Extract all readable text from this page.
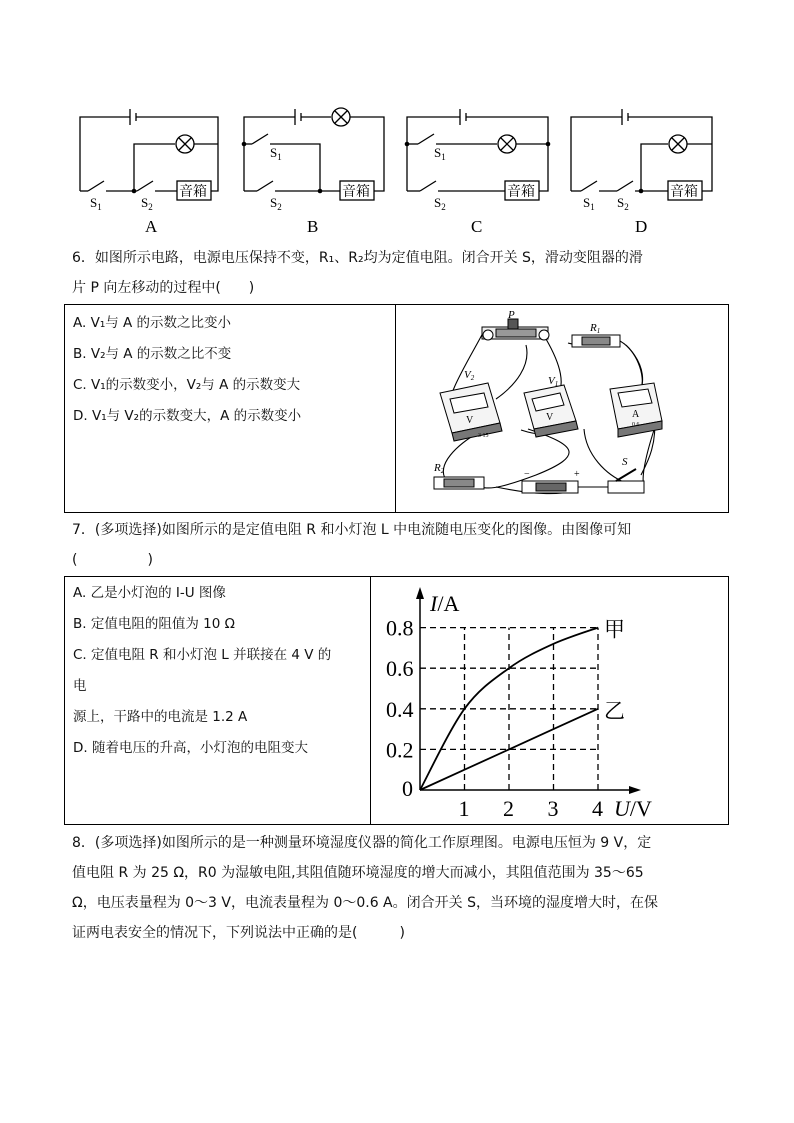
音箱	音箱	音箱	音箱
$S_1$	$S_2$
$S_1$
$S_2$
$S_1$
$S_2$	$S_1$ $S_2$
A	B	C	D
6．如图所示电路，电源电压保持不变，R₁、R₂均为定值电阻。闭合开关 S，滑动变阻器的滑
片 P 向左移动的过程中(　　)
A. V₁与 A 的示数之比变小
B. V₂与 A 的示数之比不变
C. V₁的示数变小，V₂与 A 的示数变大
D. V₁与 V₂的示数变大，A 的示数变小
P
R1
V2
V
3 15
V1
V	A
0.6
R2	−	+
S
7．(多项选择)如图所示的是定值电阻 R 和小灯泡 L 中电流随电压变化的图像。由图像可知
(　　　　　)
A. 乙是小灯泡的 I-U 图像
B. 定值电阻的阻值为 10 Ω
C. 定值电阻 R 和小灯泡 L 并联接在 4 V 的
电
源上，干路中的电流是 1.2 A
D. 随着电压的升高，小灯泡的电阻变大
0
1 2 3 4
0.2
0.4
0.6
0.8
I/A
U/V
甲
乙
8．(多项选择)如图所示的是一种测量环境湿度仪器的简化工作原理图。电源电压恒为 9 V，定
值电阻 R 为 25 Ω，R0 为湿敏电阻,其阻值随环境湿度的增大而减小，其阻值范围为 35～65
Ω，电压表量程为 0～3 V，电流表量程为 0～0.6 A。闭合开关 S，当环境的湿度增大时，在保
证两电表安全的情况下，下列说法中正确的是(　　　)
